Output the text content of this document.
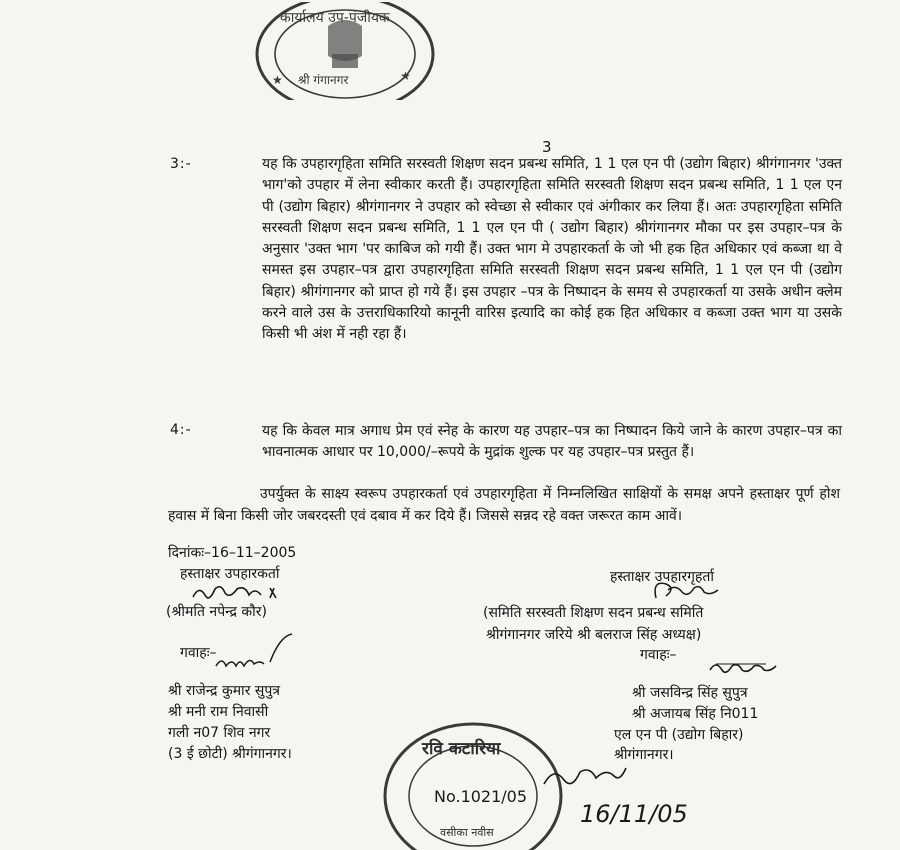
कार्यालय उप-पंजीयक
श्री गंगानगर
★	★
3
3:-	यह कि उपहारगृहिता समिति सरस्वती शिक्षण सदन प्रबन्ध समिति, 1 1 एल एन पी (उद्योग बिहार) श्रीगंगानगर 'उक्त भाग'को उपहार में लेना स्वीकार करती हैं। उपहारगृहिता समिति सरस्वती शिक्षण सदन प्रबन्ध समिति, 1 1 एल एन पी (उद्योग बिहार) श्रीगंगानगर ने उपहार को स्वेच्छा से स्वीकार एवं अंगीकार कर लिया हैं। अतः उपहारगृहिता समिति सरस्वती शिक्षण सदन प्रबन्ध समिति, 1 1 एल एन पी ( उद्योग बिहार) श्रीगंगानगर मौका पर इस उपहार–पत्र के अनुसार 'उक्त भाग 'पर काबिज को गयी हैं। उक्त भाग मे उपहारकर्ता के जो भी हक हित अधिकार एवं कब्जा था वे समस्त इस उपहार–पत्र द्वारा उपहारगृहिता समिति सरस्वती शिक्षण सदन प्रबन्ध समिति, 1 1 एल एन पी (उद्योग बिहार) श्रीगंगानगर को प्राप्त हो गये हैं। इस उपहार –पत्र के निष्पादन के समय से उपहारकर्ता या उसके अधीन क्लेम करने वाले उस के उत्तराधिकारियो कानूनी वारिस इत्यादि का कोई हक हित अधिकार व कब्जा उक्त भाग या उसके किसी भी अंश में नही रहा हैं।

4:-	यह कि केवल मात्र अगाध प्रेम एवं स्नेह के कारण यह उपहार–पत्र का निष्पादन किये जाने के कारण उपहार–पत्र का भावनात्मक आधार पर 10,000/–रूपये के मुद्रांक शुल्क पर यह उपहार–पत्र प्रस्तुत हैं।

उपर्युक्त के साक्ष्य स्वरूप उपहारकर्ता एवं उपहारगृहिता में निम्नलिखित साक्षियों के समक्ष अपने हस्ताक्षर पूर्ण होश हवास में बिना किसी जोर जबरदस्ती एवं दबाव में कर दिये हैं। जिससे सन्नद रहे वक्त जरूरत काम आवें।

दिनांकः–16–11–2005
हस्ताक्षर उपहारकर्ता
(श्रीमति नपेन्द्र कौर)
हस्ताक्षर उपहारगृहर्ता
(समिति सरस्वती शिक्षण सदन प्रबन्ध समिति
श्रीगंगानगर जरिये श्री बलराज सिंह अध्यक्ष)
गवाहः–
श्री राजेन्द्र कुमार सुपुत्र
श्री मनी राम निवासी
गली न07 शिव नगर
(3 ई छोटी) श्रीगंगानगर।
गवाहः–
श्री जसविन्द्र सिंह सुपुत्र
श्री अजायब सिंह नि011
एल एन पी (उद्योग बिहार)
श्रीगंगानगर।
रवि कटारिया
No.1021/05
वसीका नवीस
16/11/05
